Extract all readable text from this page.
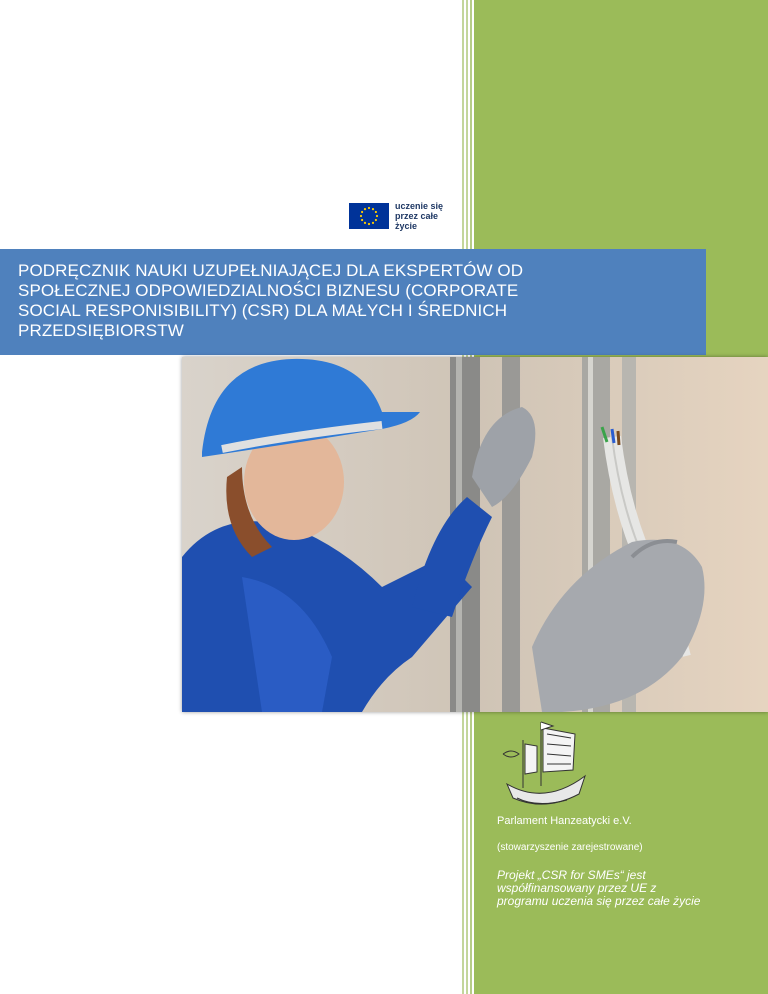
uczenie się
przez całe
życie
PODRĘCZNIK NAUKI UZUPEŁNIAJĄCEJ DLA EKSPERTÓW OD
SPOŁECZNEJ ODPOWIEDZIALNOŚCI BIZNESU (CORPORATE
SOCIAL RESPONISIBILITY) (CSR) DLA MAŁYCH I ŚREDNICH
PRZEDSIĘBIORSTW
Parlament Hanzeatycki e.V.
(stowarzyszenie zarejestrowane)
Projekt „CSR for SMEs“ jest
współfinansowany przez UE z
programu uczenia się przez całe życie
